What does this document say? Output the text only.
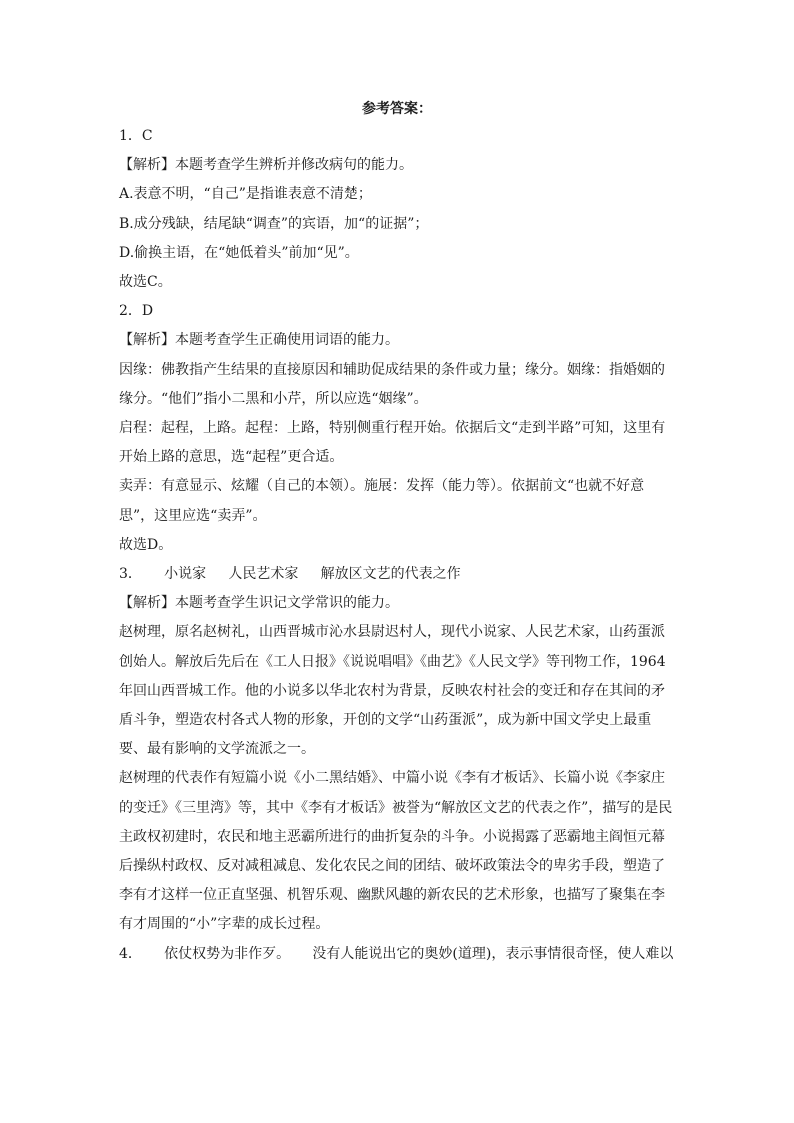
参考答案：

1．C

【解析】本题考查学生辨析并修改病句的能力。

A.表意不明，“自己”是指谁表意不清楚；

B.成分残缺，结尾缺“调查”的宾语，加“的证据”；

D.偷换主语，在“她低着头”前加“见”。

故选C。

2．D

【解析】本题考查学生正确使用词语的能力。

因缘：佛教指产生结果的直接原因和辅助促成结果的条件或力量；缘分。姻缘：指婚姻的

缘分。“他们”指小二黑和小芹，所以应选“姻缘”。

启程：起程，上路。起程：上路，特别侧重行程开始。依据后文“走到半路”可知，这里有

开始上路的意思，选“起程”更合适。

卖弄：有意显示、炫耀（自己的本领）。施展：发挥（能力等）。依据前文“也就不好意

思”，这里应选“卖弄”。

故选D。

3．     小说家     人民艺术家     解放区文艺的代表之作

【解析】本题考查学生识记文学常识的能力。

赵树理，原名赵树礼，山西晋城市沁水县尉迟村人，现代小说家、人民艺术家，山药蛋派

创始人。解放后先后在《工人日报》《说说唱唱》《曲艺》《人民文学》等刊物工作，1964

年回山西晋城工作。他的小说多以华北农村为背景，反映农村社会的变迁和存在其间的矛

盾斗争，塑造农村各式人物的形象，开创的文学“山药蛋派”，成为新中国文学史上最重

要、最有影响的文学流派之一。

赵树理的代表作有短篇小说《小二黑结婚》、中篇小说《李有才板话》、长篇小说《李家庄

的变迁》《三里湾》等，其中《李有才板话》被誉为“解放区文艺的代表之作”，描写的是民

主政权初建时，农民和地主恶霸所进行的曲折复杂的斗争。小说揭露了恶霸地主阎恒元幕

后操纵村政权、反对减租减息、发化农民之间的团结、破坏政策法令的卑劣手段，塑造了

李有才这样一位正直坚强、机智乐观、幽默风趣的新农民的艺术形象，也描写了聚集在李

有才周围的“小”字辈的成长过程。

4．     依仗权势为非作歹。     没有人能说出它的奥妙(道理)，表示事情很奇怪，使人难以
